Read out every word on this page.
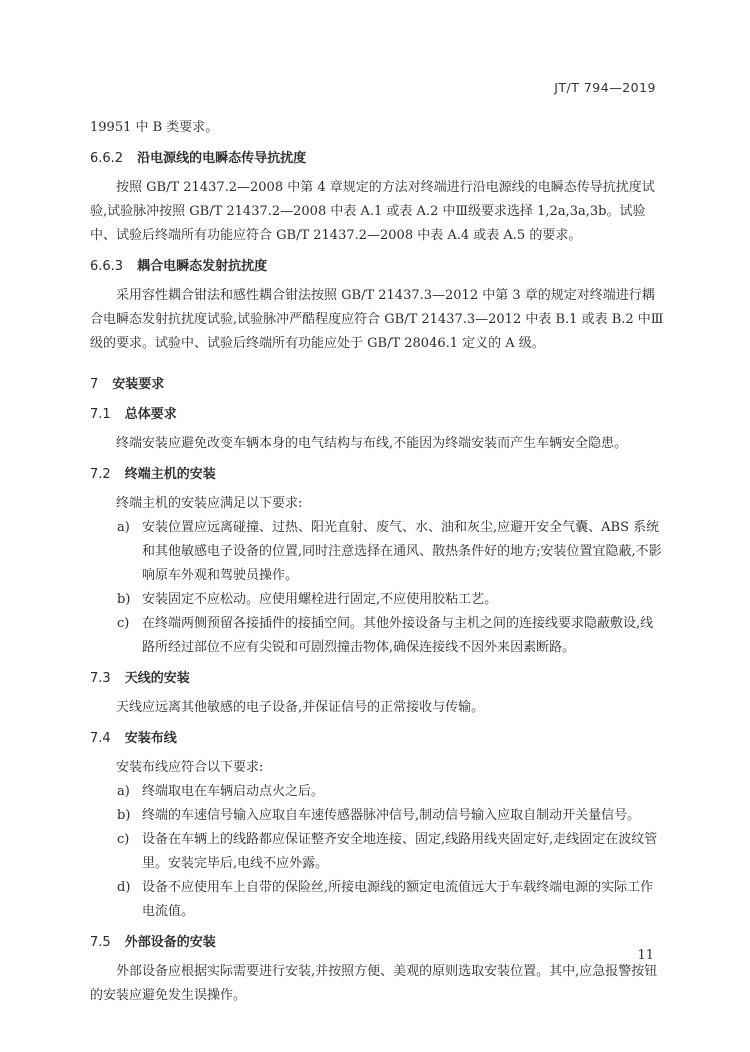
JT/T 794—2019

19951 中 B 类要求。

6.6.2 沿电源线的电瞬态传导抗扰度

按照 GB/T 21437.2—2008 中第 4 章规定的方法对终端进行沿电源线的电瞬态传导抗扰度试验,试验脉冲按照 GB/T 21437.2—2008 中表 A.1 或表 A.2 中Ⅲ级要求选择 1,2a,3a,3b。试验中、试验后终端所有功能应符合 GB/T 21437.2—2008 中表 A.4 或表 A.5 的要求。

6.6.3 耦合电瞬态发射抗扰度

采用容性耦合钳法和感性耦合钳法按照 GB/T 21437.3—2012 中第 3 章的规定对终端进行耦合电瞬态发射抗扰度试验,试验脉冲严酷程度应符合 GB/T 21437.3—2012 中表 B.1 或表 B.2 中Ⅲ级的要求。试验中、试验后终端所有功能应处于 GB/T 28046.1 定义的 A 级。

7 安装要求
7.1 总体要求

终端安装应避免改变车辆本身的电气结构与布线,不能因为终端安装而产生车辆安全隐患。

7.2 终端主机的安装

终端主机的安装应满足以下要求:

a) 安装位置应远离碰撞、过热、阳光直射、废气、水、油和灰尘,应避开安全气囊、ABS 系统和其他敏感电子设备的位置,同时注意选择在通风、散热条件好的地方;安装位置宜隐蔽,不影响原车外观和驾驶员操作。
b) 安装固定不应松动。应使用螺栓进行固定,不应使用胶粘工艺。
c) 在终端两侧预留各接插件的接插空间。其他外接设备与主机之间的连接线要求隐蔽敷设,线路所经过部位不应有尖锐和可剧烈撞击物体,确保连接线不因外来因素断路。
7.3 天线的安装

天线应远离其他敏感的电子设备,并保证信号的正常接收与传输。

7.4 安装布线

安装布线应符合以下要求:

a) 终端取电在车辆启动点火之后。
b) 终端的车速信号输入应取自车速传感器脉冲信号,制动信号输入应取自制动开关量信号。
c) 设备在车辆上的线路都应保证整齐安全地连接、固定,线路用线夹固定好,走线固定在波纹管里。安装完毕后,电线不应外露。
d) 设备不应使用车上自带的保险丝,所接电源线的额定电流值远大于车载终端电源的实际工作电流值。
7.5 外部设备的安装

外部设备应根据实际需要进行安装,并按照方便、美观的原则选取安装位置。其中,应急报警按钮的安装应避免发生误操作。

11
